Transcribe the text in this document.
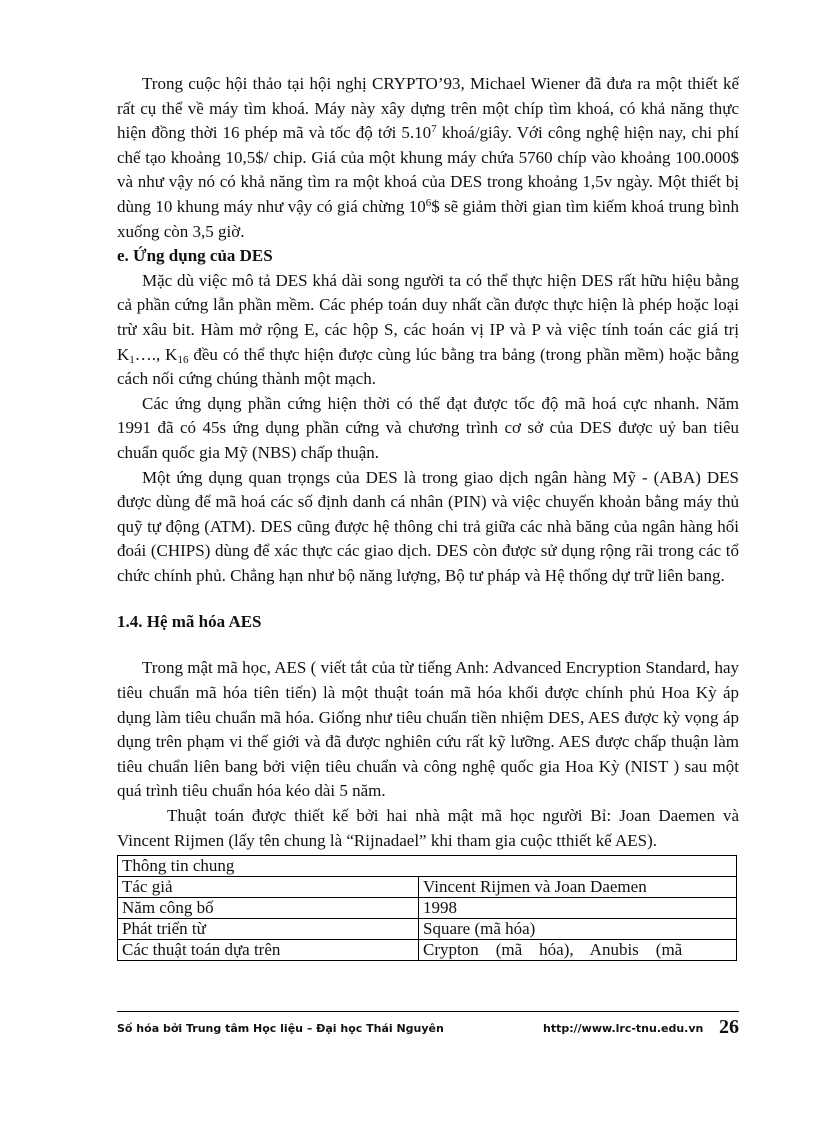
Trong cuộc hội thảo tại hội nghị CRYPTO’93, Michael Wiener đã đưa ra một thiết kế rất cụ thể về máy tìm khoá. Máy này xây dựng trên một chíp tìm khoá, có khả năng thực hiện đồng thời 16 phép mã và tốc độ tới 5.10$^7$ khoá/giây. Với công nghệ hiện nay, chi phí chế tạo khoảng 10,5$/ chip. Giá của một khung máy chứa 5760 chíp vào khoảng 100.000$ và như vậy nó có khả năng tìm ra một khoá của DES trong khoảng 1,5v ngày. Một thiết bị dùng 10 khung máy như vậy có giá chừng $10^6\$$ sẽ giảm thời gian tìm kiếm khoá trung bình xuống còn 3,5 giờ.

e. Ứng dụng của DES

Mặc dù việc mô tả DES khá dài song người ta có thể thực hiện DES rất hữu hiệu bằng cả phần cứng lẫn phần mềm. Các phép toán duy nhất cần được thực hiện là phép hoặc loại trừ xâu bit. Hàm mở rộng E, các hộp S, các hoán vị IP và P và việc tính toán các giá trị $K_1\dots$., $K_{16}$ đều có thể thực hiện được cùng lúc bằng tra bảng (trong phần mềm) hoặc bằng cách nối cứng chúng thành một mạch.

Các ứng dụng phần cứng hiện thời có thể đạt được tốc độ mã hoá cực nhanh. Năm 1991 đã có 45s ứng dụng phần cứng và chương trình cơ sở của DES được uỷ ban tiêu chuẩn quốc gia Mỹ (NBS) chấp thuận.

Một ứng dụng quan trọngs của DES là trong giao dịch ngân hàng Mỹ - (ABA) DES được dùng để mã hoá các số định danh cá nhân (PIN) và việc chuyển khoản bằng máy thủ quỹ tự động (ATM). DES cũng được hệ thông chi trả giữa các nhà băng của ngân hàng hối đoái (CHIPS) dùng để xác thực các giao dịch. DES còn được sử dụng rộng rãi trong các tổ chức chính phủ. Chẳng hạn như bộ năng lượng, Bộ tư pháp và Hệ thống dự trữ liên bang.

1.4. Hệ mã hóa AES

Trong mật mã học, AES ( viết tắt của từ tiếng Anh: Advanced Encryption Standard, hay tiêu chuẩn mã hóa tiên tiến) là một thuật toán mã hóa khối được chính phủ Hoa Kỳ áp dụng làm tiêu chuẩn mã hóa. Giống như tiêu chuẩn tiền nhiệm DES, AES được kỳ vọng áp dụng trên phạm vi thế giới và đã được nghiên cứu rất kỹ lưỡng. AES được chấp thuận làm tiêu chuẩn liên bang bởi viện tiêu chuẩn và công nghệ quốc gia Hoa Kỳ (NIST ) sau một quá trình tiêu chuẩn hóa kéo dài 5 năm.

Thuật toán được thiết kế bởi hai nhà mật mã học người Bỉ: Joan Daemen và Vincent Rijmen (lấy tên chung là “Rijnadael” khi tham gia cuộc tthiết kế AES).

Thông tin chung	
Tác giả	Vincent Rijmen và Joan Daemen
Năm công bố	1998
Phát triển từ	Square (mã hóa)
Các thuật toán dựa trên	Crypton    (mã    hóa),    Anubis    (mã
Số hóa bởi Trung tâm Học liệu – Đại học Thái Nguyên	http://www.lrc-tnu.edu.vn 26
